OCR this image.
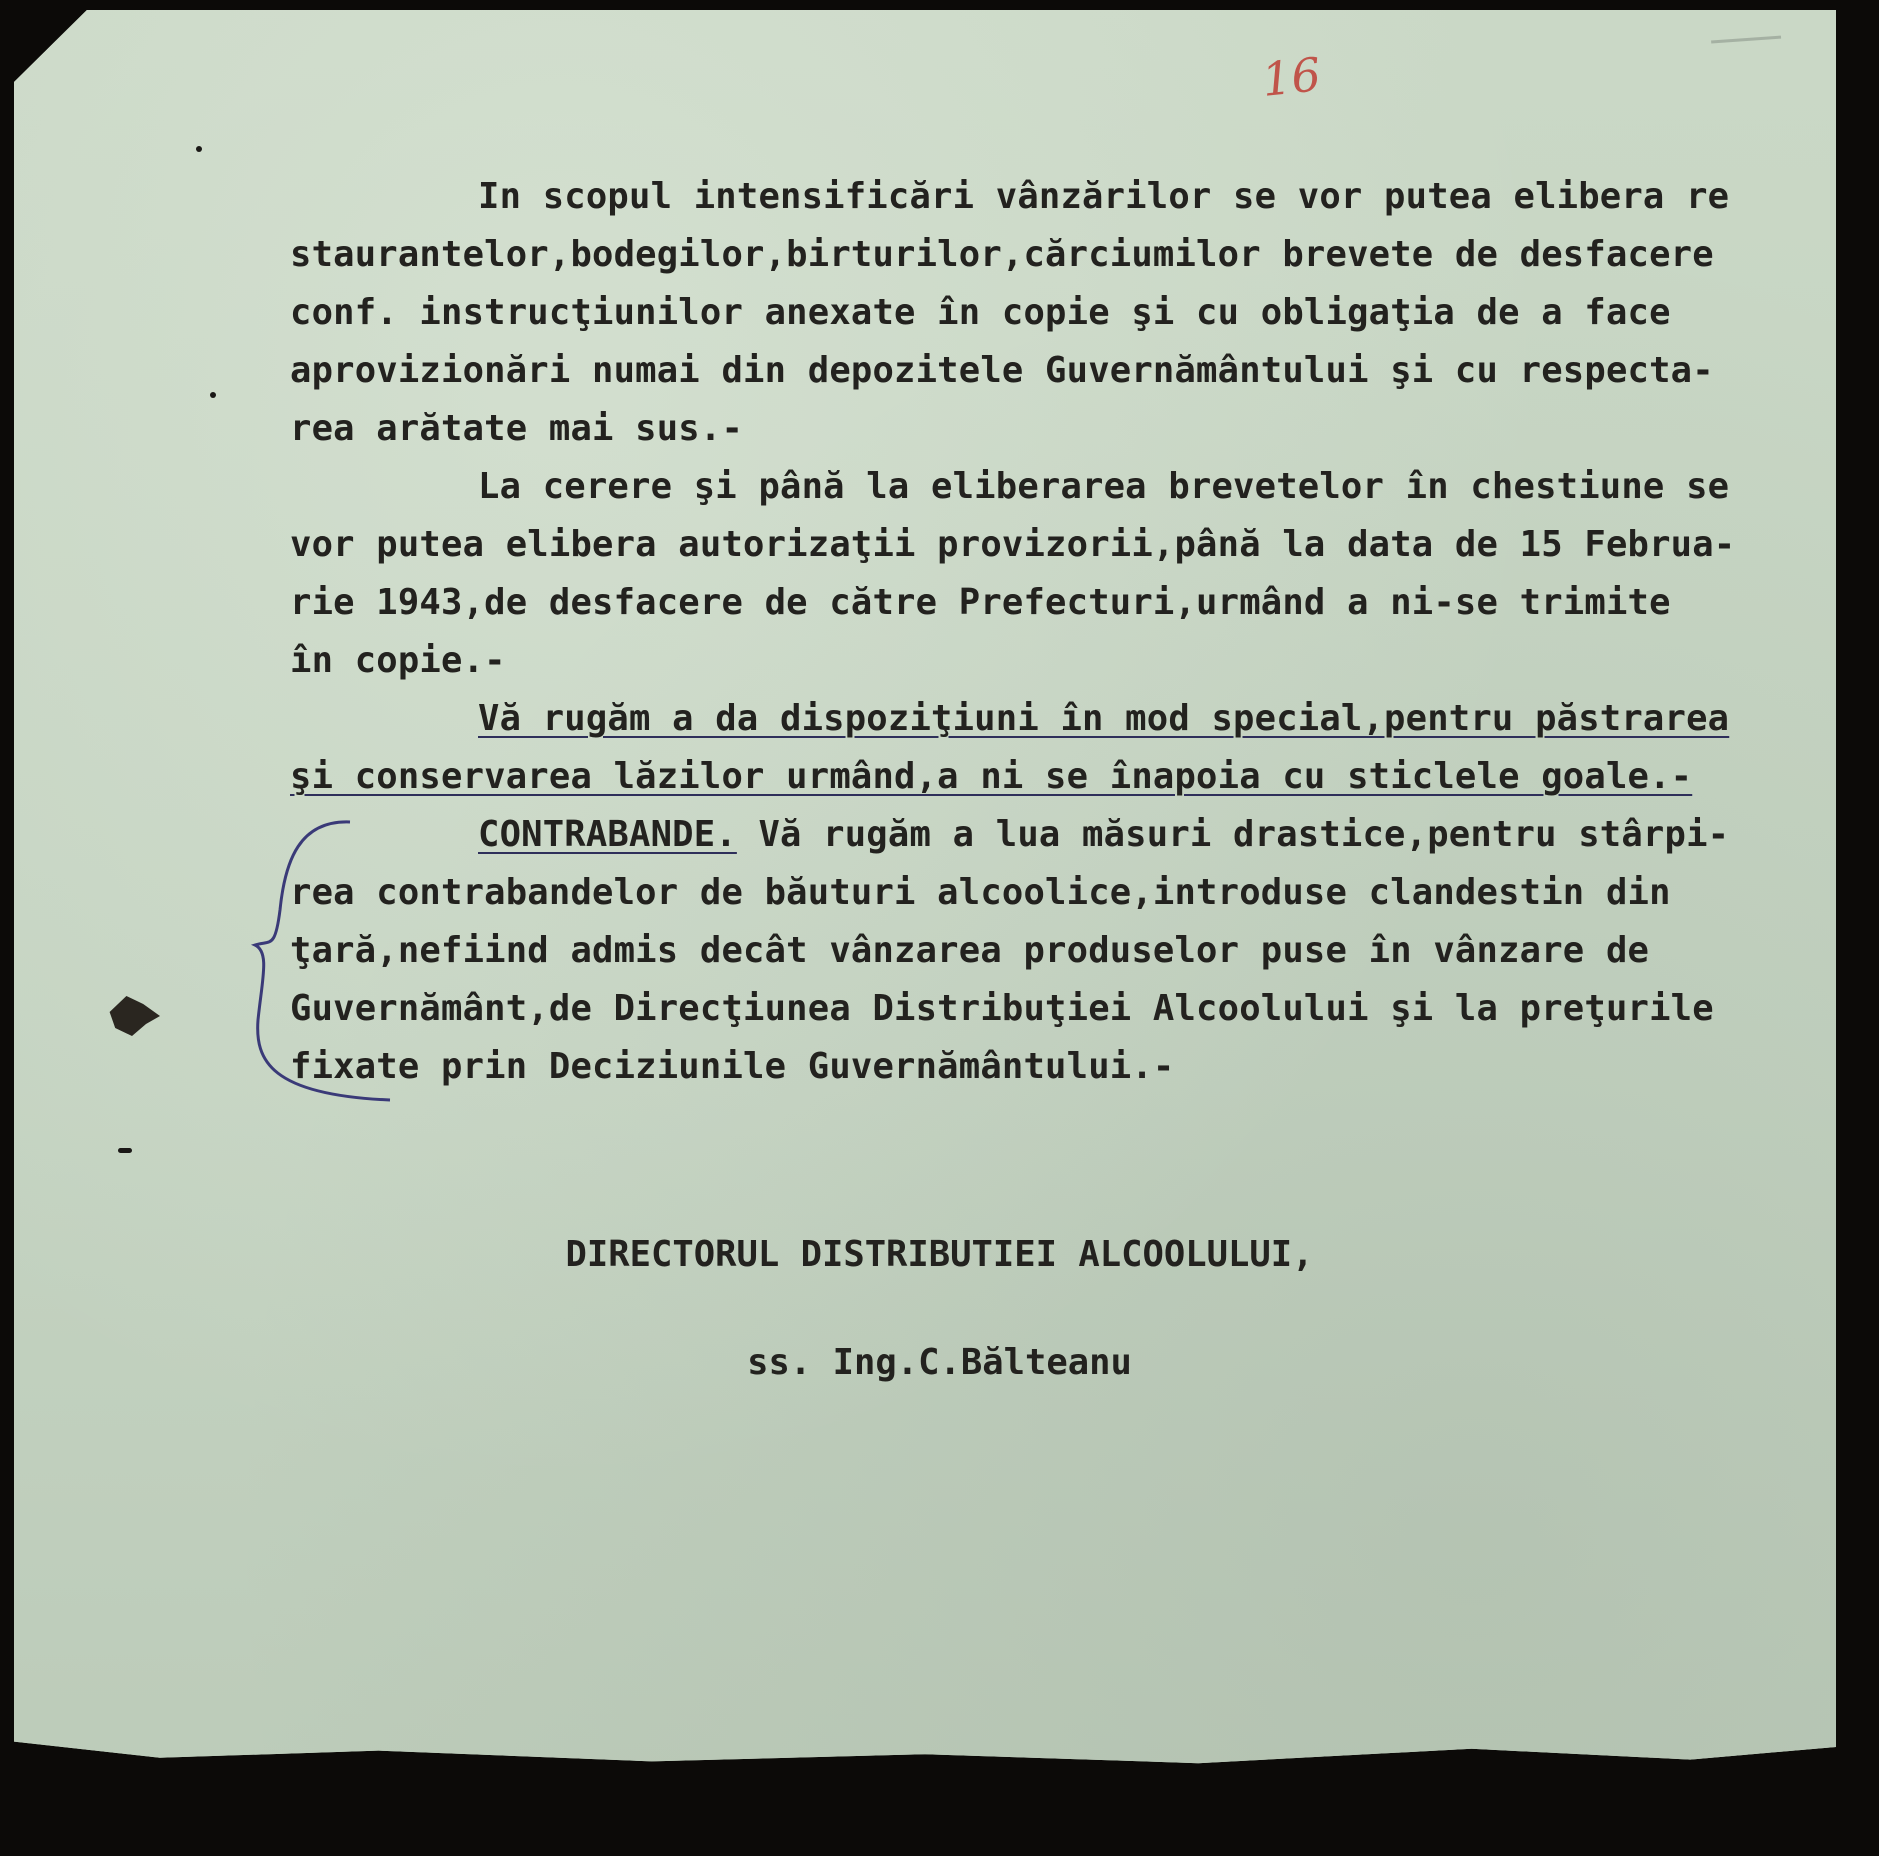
16
In scopul intensificări vânzărilor se vor putea elibera re
staurantelor,bodegilor,birturilor,cărciumilor brevete de desfacere
conf. instrucţiunilor anexate în copie şi cu obligaţia de a face
aprovizionări numai din depozitele Guvernământului şi cu respecta-
rea arătate mai sus.-
La cerere şi până la eliberarea brevetelor în chestiune se
vor putea elibera autorizaţii provizorii,până la data de 15 Februa-
rie 1943,de desfacere de către Prefecturi,urmând a ni-se trimite
în copie.-
Vă rugăm a da dispoziţiuni în mod special,pentru păstrarea
şi conservarea lăzilor urmând,a ni se înapoia cu sticlele goale.-
CONTRABANDE. Vă rugăm a lua măsuri drastice,pentru stârpi-
rea contrabandelor de băuturi alcoolice,introduse clandestin din
ţară,nefiind admis decât vânzarea produselor puse în vânzare de
Guvernământ,de Direcţiunea Distribuţiei Alcoolului şi la preţurile
fixate prin Deciziunile Guvernământului.-
DIRECTORUL DISTRIBUTIEI ALCOOLULUI,
ss. Ing.C.Bălteanu
